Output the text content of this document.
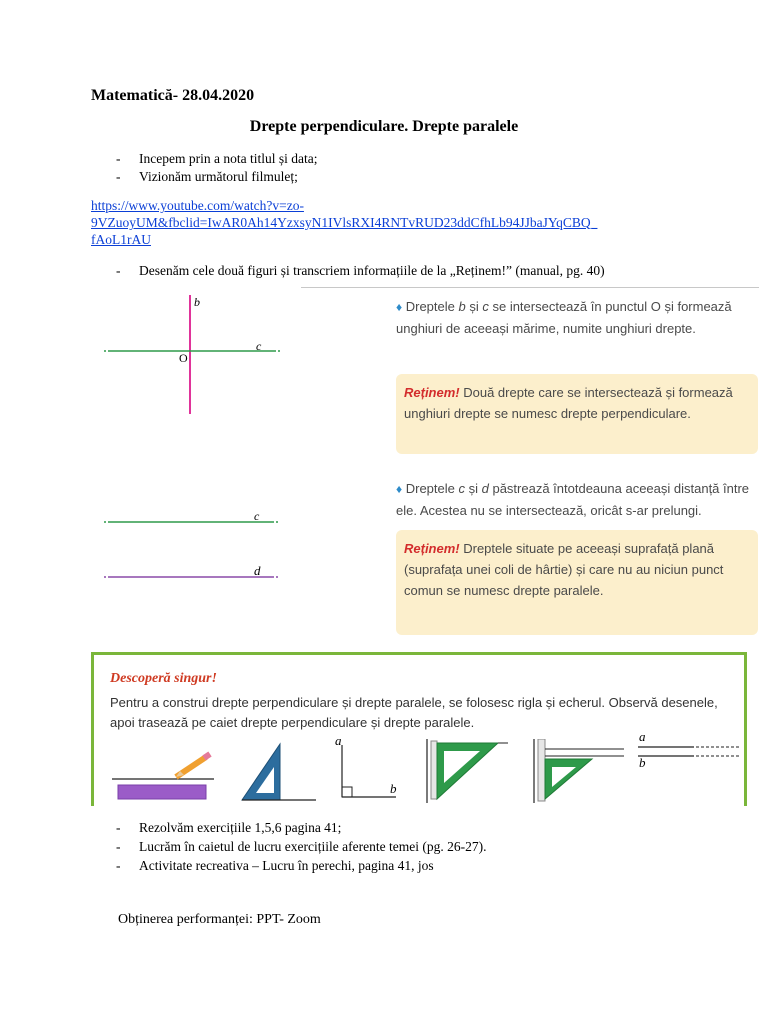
Matematică- 28.04.2020
Drepte perpendiculare. Drepte paralele
- Incepem prin a nota titlul și data;
- Vizionăm următorul filmuleț;
https://www.youtube.com/watch?v=zo-
9VZuoyUM&fbclid=IwAR0Ah14YzxsyN1IVlsRXI4RNTvRUD23ddCfhLb94JJbaJYqCBQ_
fAoL1rAU
- Desenăm cele două figuri și transcriem informațiile de la „Reținem!” (manual, pg. 40)
b
c
O
c
d
♦ Dreptele b și c se intersectează în punctul O și formează unghiuri de aceeași mărime, numite unghiuri drepte.
Reținem! Două drepte care se intersectează și formează unghiuri drepte se numesc drepte perpendiculare.
♦ Dreptele c și d păstrează întotdeauna aceeași distanță între ele. Acestea nu se intersectează, oricât s-ar prelungi.
Reținem! Dreptele situate pe aceeași suprafață plană (suprafața unei coli de hârtie) și care nu au niciun punct comun se numesc drepte paralele.
Descoperă singur!
Pentru a construi drepte perpendiculare și drepte paralele, se folosesc rigla și echerul. Observă desenele, apoi trasează pe caiet drepte perpendiculare și drepte paralele.
a
b
a
b
- Rezolvăm exercițiile 1,5,6 pagina 41;
- Lucrăm în caietul de lucru exercițiile aferente temei (pg. 26-27).
- Activitate recreativa – Lucru în perechi, pagina 41, jos
Obținerea performanței: PPT- Zoom
